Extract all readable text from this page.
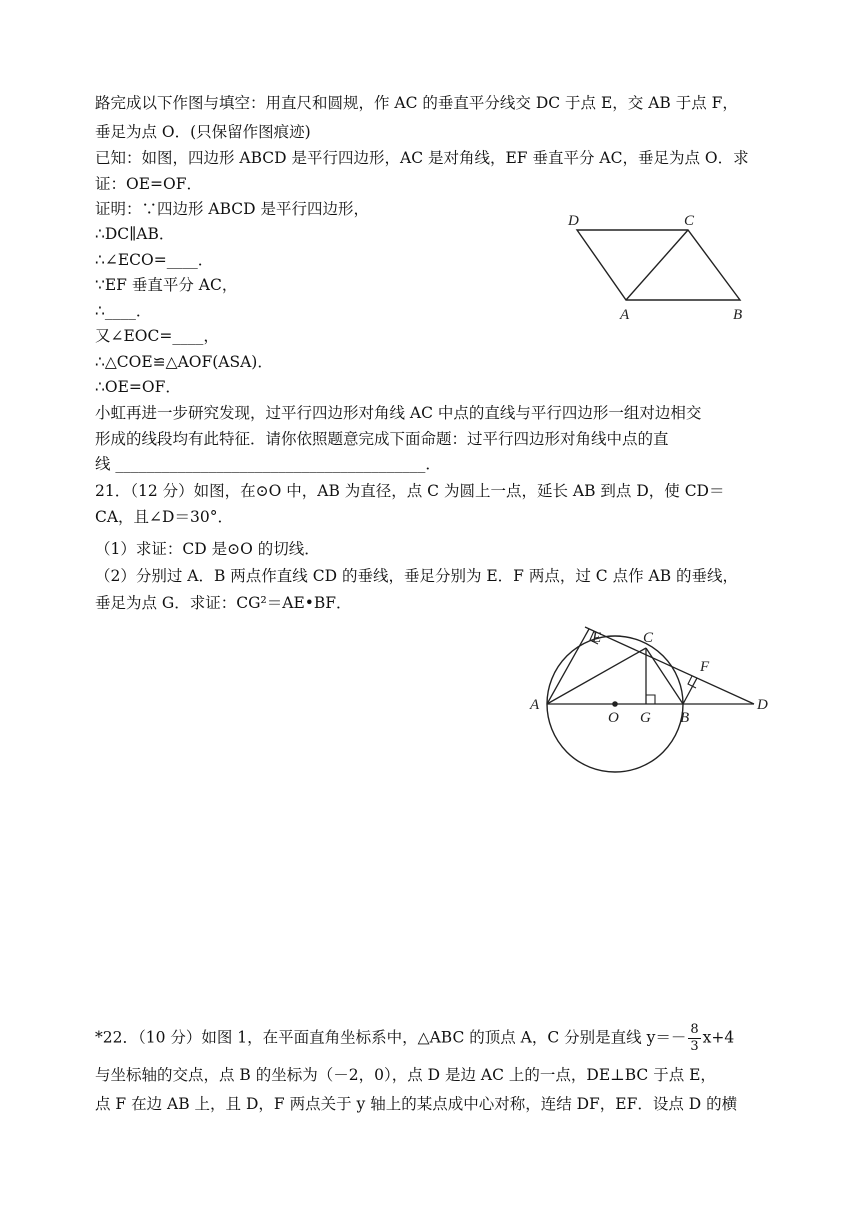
路完成以下作图与填空：用直尺和圆规，作 AC 的垂直平分线交 DC 于点 E，交 AB 于点 F，
垂足为点 O．(只保留作图痕迹)
已知：如图，四边形 ABCD 是平行四边形，AC 是对角线，EF 垂直平分 AC，垂足为点 O．求
证：OE=OF．
证明：∵四边形 ABCD 是平行四边形，
∴DC∥AB．
∴∠ECO=____．
∵EF 垂直平分 AC，
∴____．
又∠EOC=____，
∴△COE≌△AOF(ASA)．
∴OE=OF．
小虹再进一步研究发现，过平行四边形对角线 AC 中点的直线与平行四边形一组对边相交
形成的线段均有此特征．请你依照题意完成下面命题：过平行四边形对角线中点的直
线 ________________________________________．
21．（12 分）如图，在⊙O 中，AB 为直径，点 C 为圆上一点，延长 AB 到点 D，使 CD＝
CA，且∠D＝30°．
（1）求证：CD 是⊙O 的切线．
（2）分别过 A．B 两点作直线 CD 的垂线，垂足分别为 E．F 两点，过 C 点作 AB 的垂线，
垂足为点 G．求证：CG²＝AE•BF．
*22．（10 分）如图 1，在平面直角坐标系中，△ABC 的顶点 A，C 分别是直线 $y=- \frac{8}{3} x+4$
与坐标轴的交点，点 B 的坐标为（－2，0），点 D 是边 AC 上的一点，DE⊥BC 于点 E，
点 F 在边 AB 上，且 D，F 两点关于 y 轴上的某点成中心对称，连结 DF，EF．设点 D 的横
D	C
A	B
E	C
F
A
O G B
D
